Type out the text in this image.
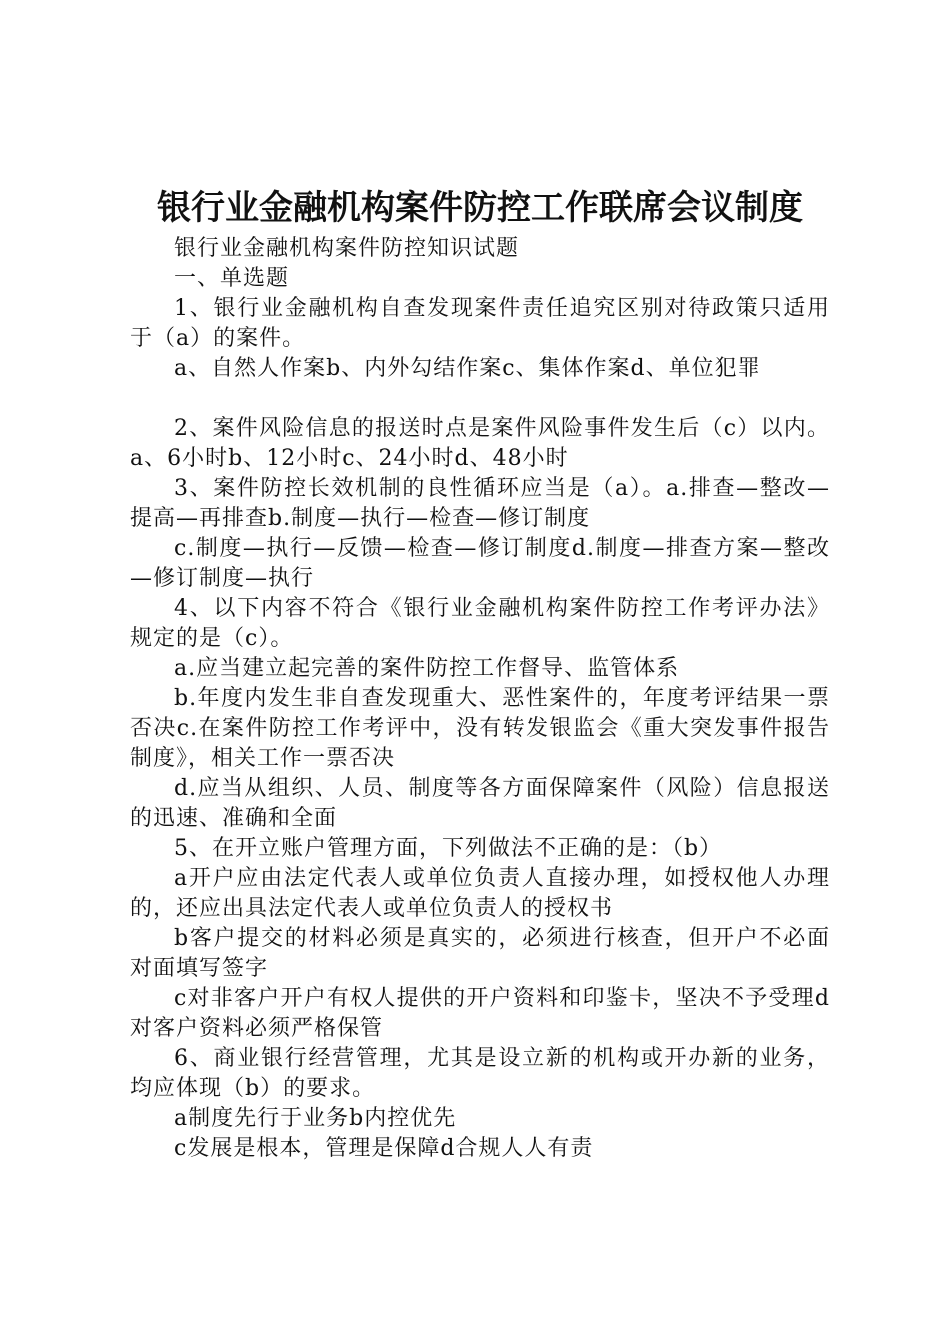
银行业金融机构案件防控工作联席会议制度

银行业金融机构案件防控知识试题

一、单选题

1、银行业金融机构自查发现案件责任追究区别对待政策只适用于（a）的案件。

a、自然人作案b、内外勾结作案c、集体作案d、单位犯罪

2、案件风险信息的报送时点是案件风险事件发生后（c）以内。a、6小时b、12小时c、24小时d、48小时

3、案件防控长效机制的良性循环应当是（a）。a.排查—整改—提高—再排查b.制度—执行—检查—修订制度

c.制度—执行—反馈—检查—修订制度d.制度—排查方案—整改—修订制度—执行

4、以下内容不符合《银行业金融机构案件防控工作考评办法》规定的是（c）。

a.应当建立起完善的案件防控工作督导、监管体系

b.年度内发生非自查发现重大、恶性案件的，年度考评结果一票否决c.在案件防控工作考评中，没有转发银监会《重大突发事件报告制度》，相关工作一票否决

d.应当从组织、人员、制度等各方面保障案件（风险）信息报送的迅速、准确和全面

5、在开立账户管理方面，下列做法不正确的是：（b）

a开户应由法定代表人或单位负责人直接办理，如授权他人办理的，还应出具法定代表人或单位负责人的授权书

b客户提交的材料必须是真实的，必须进行核查，但开户不必面对面填写签字

c对非客户开户有权人提供的开户资料和印鉴卡，坚决不予受理d对客户资料必须严格保管

6、商业银行经营管理，尤其是设立新的机构或开办新的业务，均应体现（b）的要求。

a制度先行于业务b内控优先

c发展是根本，管理是保障d合规人人有责
